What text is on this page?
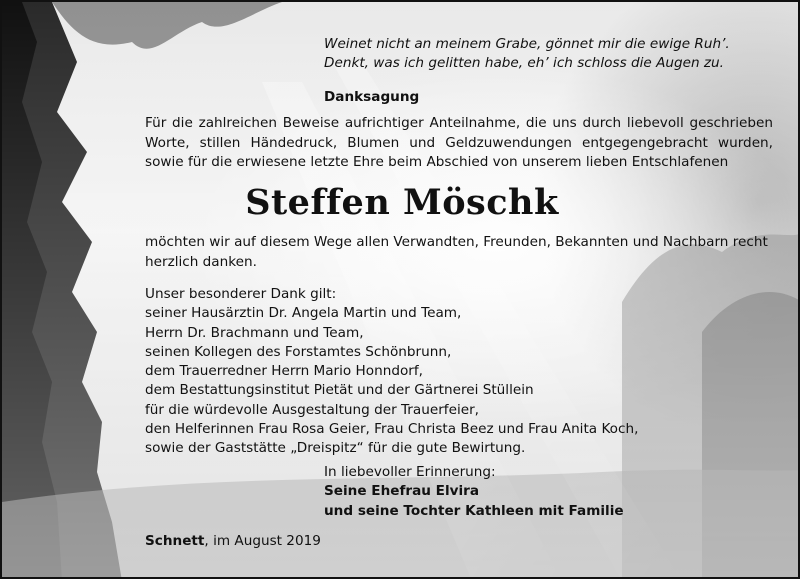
Weinet nicht an meinem Grabe, gönnet mir die ewige Ruh’.
Denkt, was ich gelitten habe, eh’ ich schloss die Augen zu.
Danksagung
Für die zahlreichen Beweise aufrichtiger Anteilnahme, die uns durch liebevoll geschrieben
Worte, stillen Händedruck, Blumen und Geldzuwendungen entgegengebracht wurden,
sowie für die erwiesene letzte Ehre beim Abschied von unserem lieben Entschlafenen
Steffen Möschk
möchten wir auf diesem Wege allen Verwandten, Freunden, Bekannten und Nachbarn recht
herzlich danken.
Unser besonderer Dank gilt:
seiner Hausärztin Dr. Angela Martin und Team,
Herrn Dr. Brachmann und Team,
seinen Kollegen des Forstamtes Schönbrunn,
dem Trauerredner Herrn Mario Honndorf,
dem Bestattungsinstitut Pietät und der Gärtnerei Stüllein
für die würdevolle Ausgestaltung der Trauerfeier,
den Helferinnen Frau Rosa Geier, Frau Christa Beez und Frau Anita Koch,
sowie der Gaststätte „Dreispitz“ für die gute Bewirtung.
In liebevoller Erinnerung:
Seine Ehefrau Elvira
und seine Tochter Kathleen mit Familie
Schnett, im August 2019
